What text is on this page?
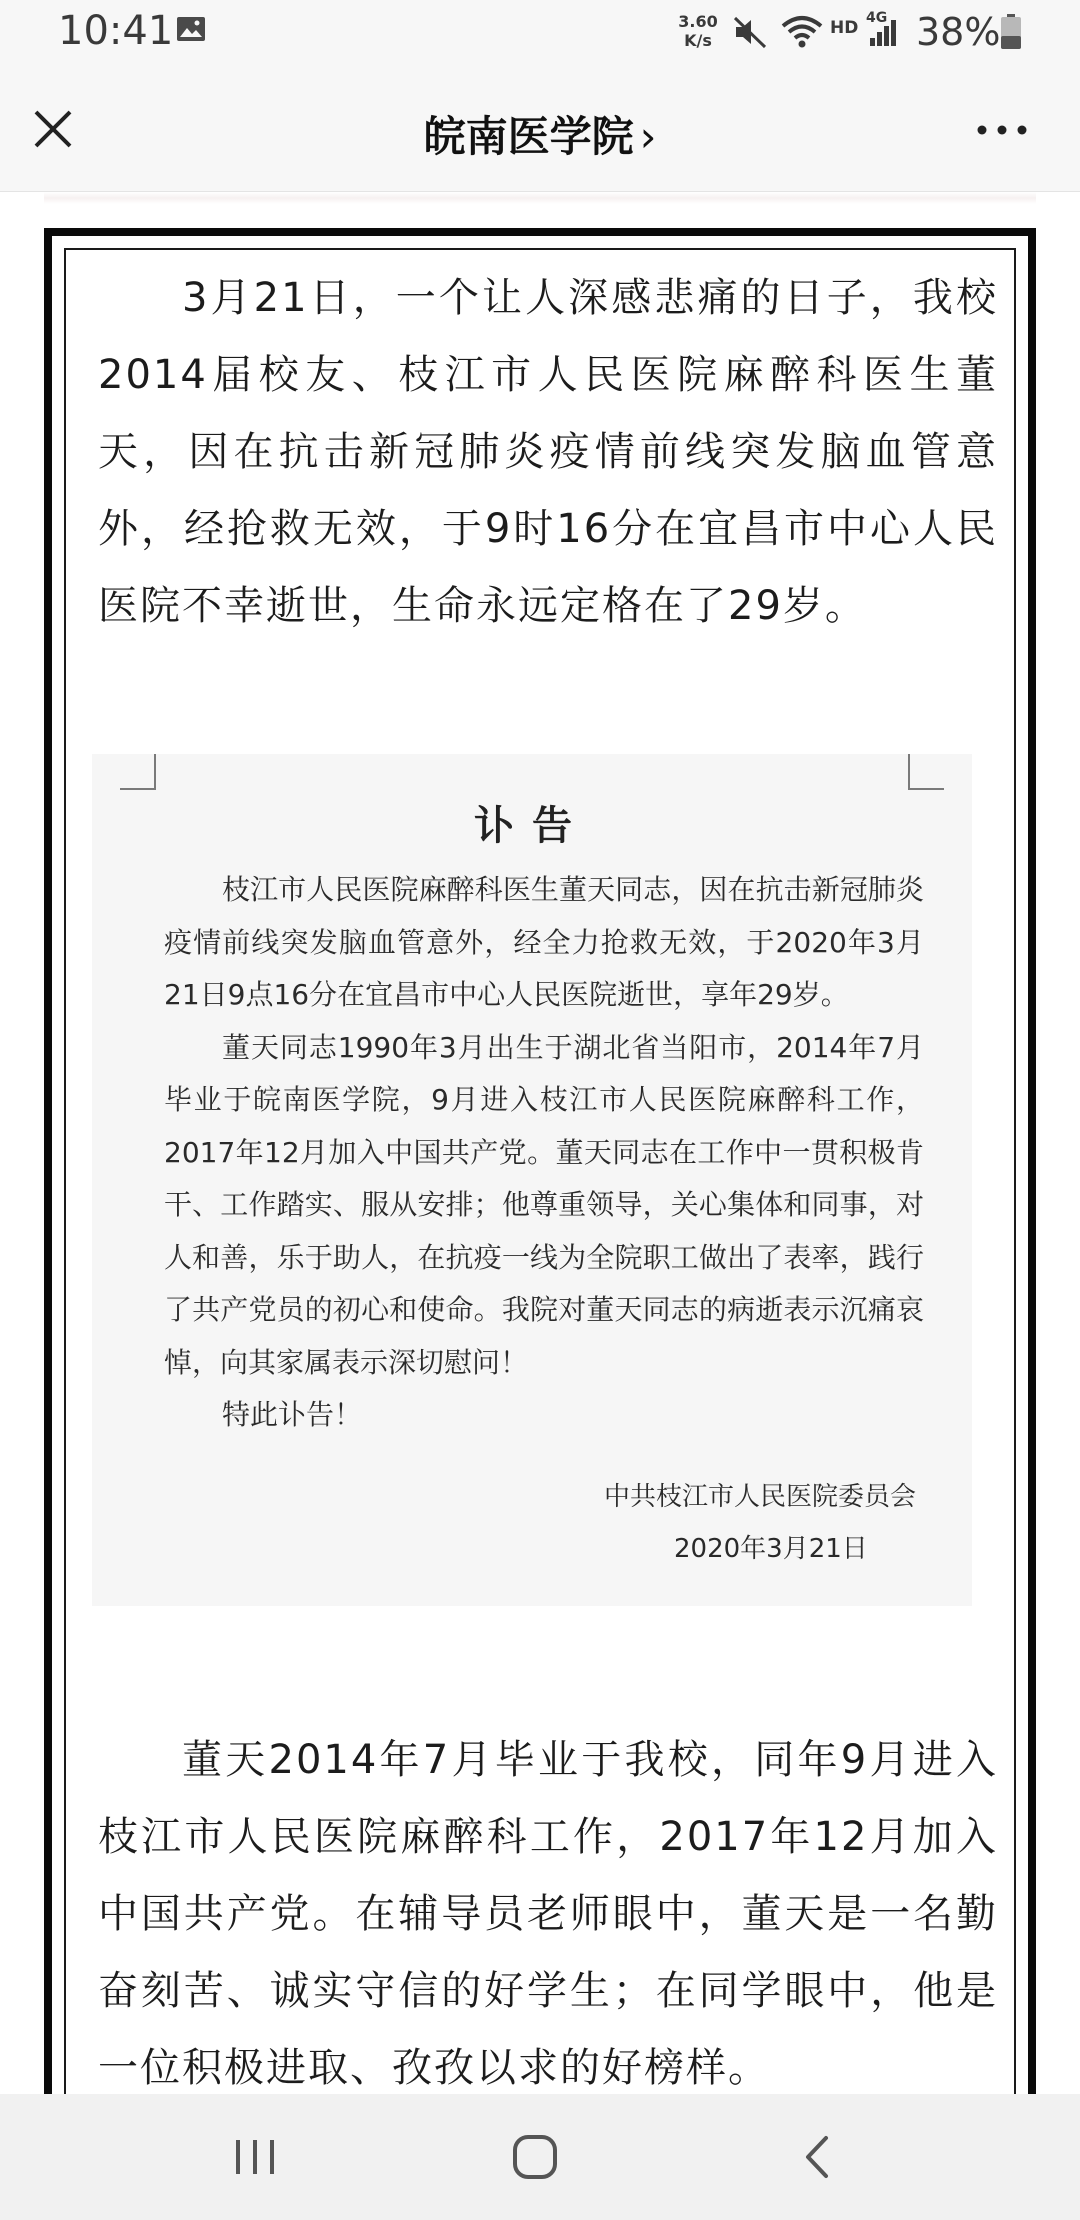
10:41	3.60
K/s
HD 4G 38%
皖南医学院 ›

3月21日，一个让人深感悲痛的日子，我校2014届校友、枝江市人民医院麻醉科医生董天，因在抗击新冠肺炎疫情前线突发脑血管意外，经抢救无效，于9时16分在宜昌市中心人民医院不幸逝世，生命永远定格在了29岁。

讣告

枝江市人民医院麻醉科医生董天同志，因在抗击新冠肺炎疫情前线突发脑血管意外，经全力抢救无效，于2020年3月21日9点16分在宜昌市中心人民医院逝世，享年29岁。

董天同志1990年3月出生于湖北省当阳市，2014年7月毕业于皖南医学院，9月进入枝江市人民医院麻醉科工作，2017年12月加入中国共产党。董天同志在工作中一贯积极肯干、工作踏实、服从安排；他尊重领导，关心集体和同事，对人和善，乐于助人，在抗疫一线为全院职工做出了表率，践行了共产党员的初心和使命。我院对董天同志的病逝表示沉痛哀悼，向其家属表示深切慰问！

特此讣告！

中共枝江市人民医院委员会
2020年3月21日

董天2014年7月毕业于我校，同年9月进入枝江市人民医院麻醉科工作，2017年12月加入中国共产党。在辅导员老师眼中，董天是一名勤奋刻苦、诚实守信的好学生；在同学眼中，他是一位积极进取、孜孜以求的好榜样。
